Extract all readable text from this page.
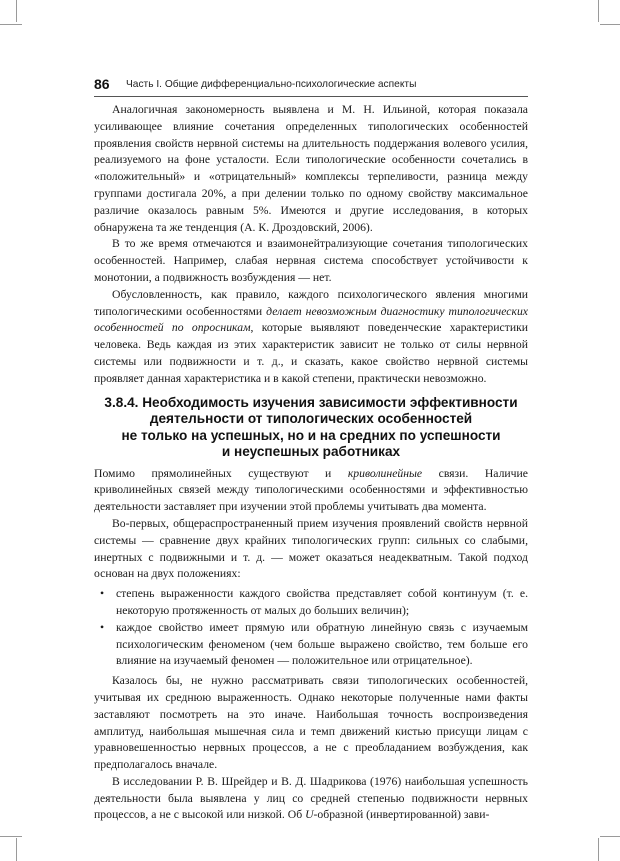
86 Часть I. Общие дифференциально-психологические аспекты

Аналогичная закономерность выявлена и М. Н. Ильиной, которая показала усиливающее влияние сочетания определенных типологических особенностей проявления свойств нервной системы на длительность поддержания волевого усилия, реализуемого на фоне усталости. Если типологические особенности сочетались в «положительный» и «отрицательный» комплексы терпеливости, разница между группами достигала 20%, а при делении только по одному свойству максимальное различие оказалось равным 5%. Имеются и другие исследования, в которых обнаружена та же тенденция (А. К. Дроздовский, 2006).

В то же время отмечаются и взаимонейтрализующие сочетания типологических особенностей. Например, слабая нервная система способствует устойчивости к монотонии, а подвижность возбуждения — нет.

Обусловленность, как правило, каждого психологического явления многими типологическими особенностями делает невозможным диагностику типологических особенностей по опросникам, которые выявляют поведенческие характеристики человека. Ведь каждая из этих характеристик зависит не только от силы нервной системы или подвижности и т. д., и сказать, какое свойство нервной системы проявляет данная характеристика и в какой степени, практически невозможно.

3.8.4. Необходимость изучения зависимости эффективности
деятельности от типологических особенностей
не только на успешных, но и на средних по успешности
и неуспешных работниках

Помимо прямолинейных существуют и криволинейные связи. Наличие криволинейных связей между типологическими особенностями и эффективностью деятельности заставляет при изучении этой проблемы учитывать два момента.

Во-первых, общераспространенный прием изучения проявлений свойств нервной системы — сравнение двух крайних типологических групп: сильных со слабыми, инертных с подвижными и т. д. — может оказаться неадекватным. Такой подход основан на двух положениях:

• степень выраженности каждого свойства представляет собой континуум (т. е. некоторую протяженность от малых до больших величин);
• каждое свойство имеет прямую или обратную линейную связь с изучаемым психологическим феноменом (чем больше выражено свойство, тем больше его влияние на изучаемый феномен — положительное или отрицательное).

Казалось бы, не нужно рассматривать связи типологических особенностей, учитывая их среднюю выраженность. Однако некоторые полученные нами факты заставляют посмотреть на это иначе. Наибольшая точность воспроизведения амплитуд, наибольшая мышечная сила и темп движений кистью присущи лицам с уравновешенностью нервных процессов, а не с преобладанием возбуждения, как предполагалось вначале.

В исследовании Р. В. Шрейдер и В. Д. Шадрикова (1976) наибольшая успешность деятельности была выявлена у лиц со средней степенью подвижности нервных процессов, а не с высокой или низкой. Об U-образной (инвертированной) зави-
